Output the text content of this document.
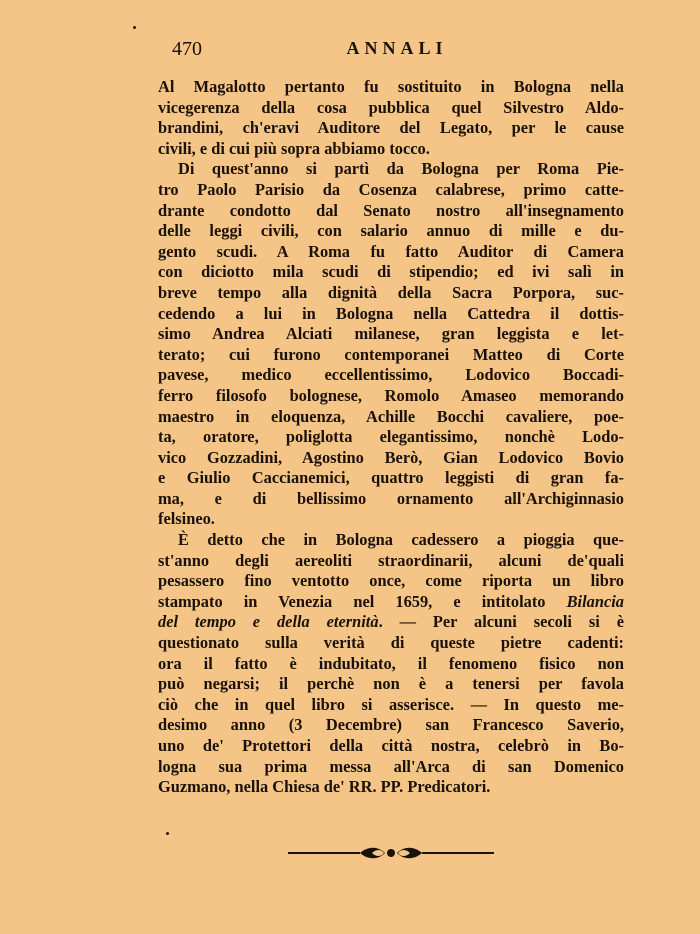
470	ANNALI
Al Magalotto pertanto fu sostituito in Bologna nella
vicegerenza della cosa pubblica quel Silvestro Aldo-
brandini, ch'eravi Auditore del Legato, per le cause
civili, e di cui più sopra abbiamo tocco.
Di quest'anno si partì da Bologna per Roma Pie-
tro Paolo Parisio da Cosenza calabrese, primo catte-
drante condotto dal Senato nostro all'insegnamento
delle leggi civili, con salario annuo di mille e du-
gento scudi. A Roma fu fatto Auditor di Camera
con diciotto mila scudi di stipendio; ed ivi salì in
breve tempo alla dignità della Sacra Porpora, suc-
cedendo a lui in Bologna nella Cattedra il dottis-
simo Andrea Alciati milanese, gran leggista e let-
terato; cui furono contemporanei Matteo di Corte
pavese, medico eccellentissimo, Lodovico Boccadi-
ferro filosofo bolognese, Romolo Amaseo memorando
maestro in eloquenza, Achille Bocchi cavaliere, poe-
ta, oratore, poliglotta elegantissimo, nonchè Lodo-
vico Gozzadini, Agostino Berò, Gian Lodovico Bovio
e Giulio Caccianemici, quattro leggisti di gran fa-
ma, e di bellissimo ornamento all'Archiginnasio
felsineo.
È detto che in Bologna cadessero a pioggia que-
st'anno degli aereoliti straordinarii, alcuni de'quali
pesassero fino ventotto once, come riporta un libro
stampato in Venezia nel 1659, e intitolato Bilancia
del tempo e della eternità. — Per alcuni secoli si è
questionato sulla verità di queste pietre cadenti:
ora il fatto è indubitato, il fenomeno fisico non
può negarsi; il perchè non è a tenersi per favola
ciò che in quel libro si asserisce. — In questo me-
desimo anno (3 Decembre) san Francesco Saverio,
uno de' Protettori della città nostra, celebrò in Bo-
logna sua prima messa all'Arca di san Domenico
Guzmano, nella Chiesa de' RR. PP. Predicatori.
